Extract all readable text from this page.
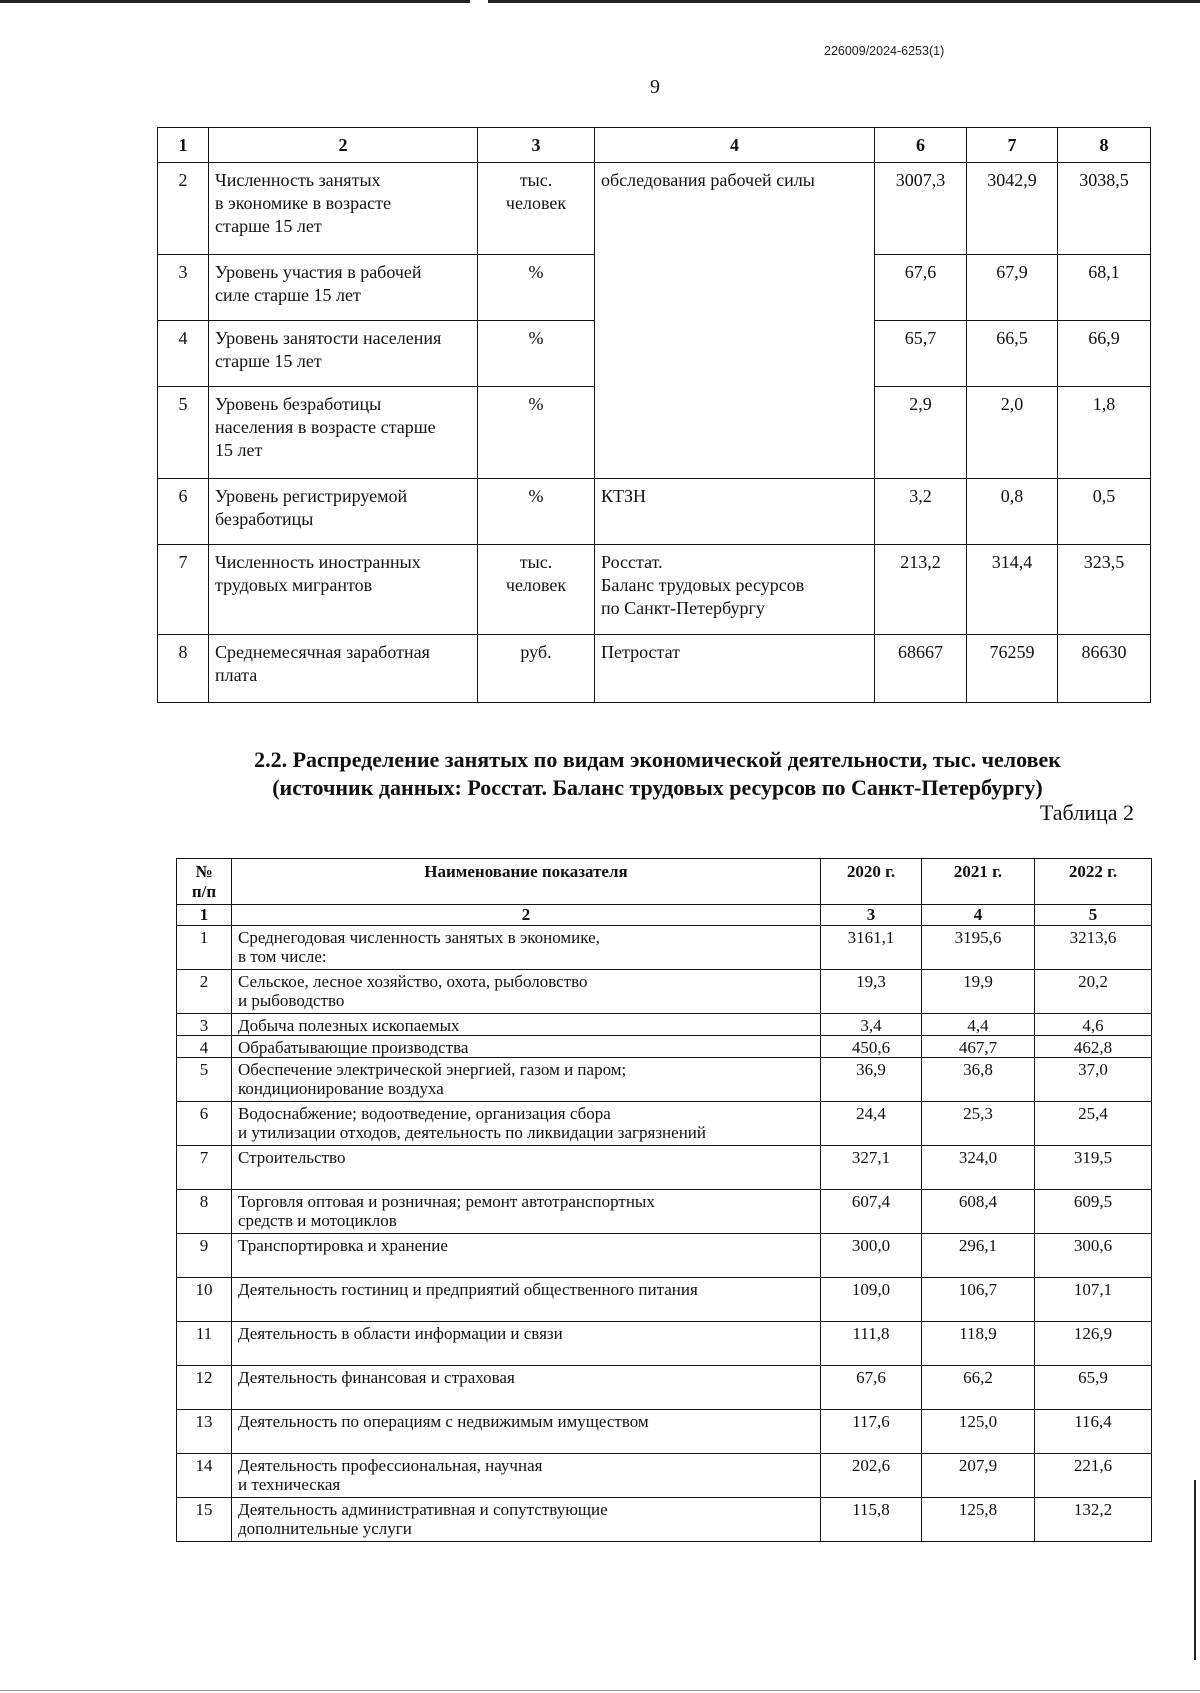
226009/2024-6253(1)
9
1	2	3	4	6	7	8
2	Численность занятых
в экономике в возрасте
старше 15 лет	тыс.
человек	обследования рабочей силы	3007,3	3042,9	3038,5
3	Уровень участия в рабочей
силе старше 15 лет	%		67,6	67,9	68,1
4	Уровень занятости населения
старше 15 лет	%		65,7	66,5	66,9
5	Уровень безработицы
населения в возрасте старше
15 лет	%		2,9	2,0	1,8
6	Уровень регистрируемой
безработицы	%	КТЗН	3,2	0,8	0,5
7	Численность иностранных
трудовых мигрантов	тыс.
человек	Росстат.
Баланс трудовых ресурсов
по Санкт-Петербургу	213,2	314,4	323,5
8	Среднемесячная заработная
плата	руб.	Петростат	68667	76259	86630
2.2. Распределение занятых по видам экономической деятельности, тыс. человек
(источник данных: Росстат. Баланс трудовых ресурсов по Санкт-Петербургу)
Таблица 2
№
п/п	Наименование показателя	2020 г.	2021 г.	2022 г.
1	2	3	4	5
1	Среднегодовая численность занятых в экономике,
в том числе:	3161,1	3195,6	3213,6
2	Сельское, лесное хозяйство, охота, рыболовство
и рыбоводство	19,3	19,9	20,2
3	Добыча полезных ископаемых	3,4	4,4	4,6
4	Обрабатывающие производства	450,6	467,7	462,8
5	Обеспечение электрической энергией, газом и паром;
кондиционирование воздуха	36,9	36,8	37,0
6	Водоснабжение; водоотведение, организация сбора
и утилизации отходов, деятельность по ликвидации загрязнений	24,4	25,3	25,4
7	Строительство	327,1	324,0	319,5
8	Торговля оптовая и розничная; ремонт автотранспортных
средств и мотоциклов	607,4	608,4	609,5
9	Транспортировка и хранение	300,0	296,1	300,6
10	Деятельность гостиниц и предприятий общественного питания	109,0	106,7	107,1
11	Деятельность в области информации и связи	111,8	118,9	126,9
12	Деятельность финансовая и страховая	67,6	66,2	65,9
13	Деятельность по операциям с недвижимым имуществом	117,6	125,0	116,4
14	Деятельность профессиональная, научная
и техническая	202,6	207,9	221,6
15	Деятельность административная и сопутствующие
дополнительные услуги	115,8	125,8	132,2
